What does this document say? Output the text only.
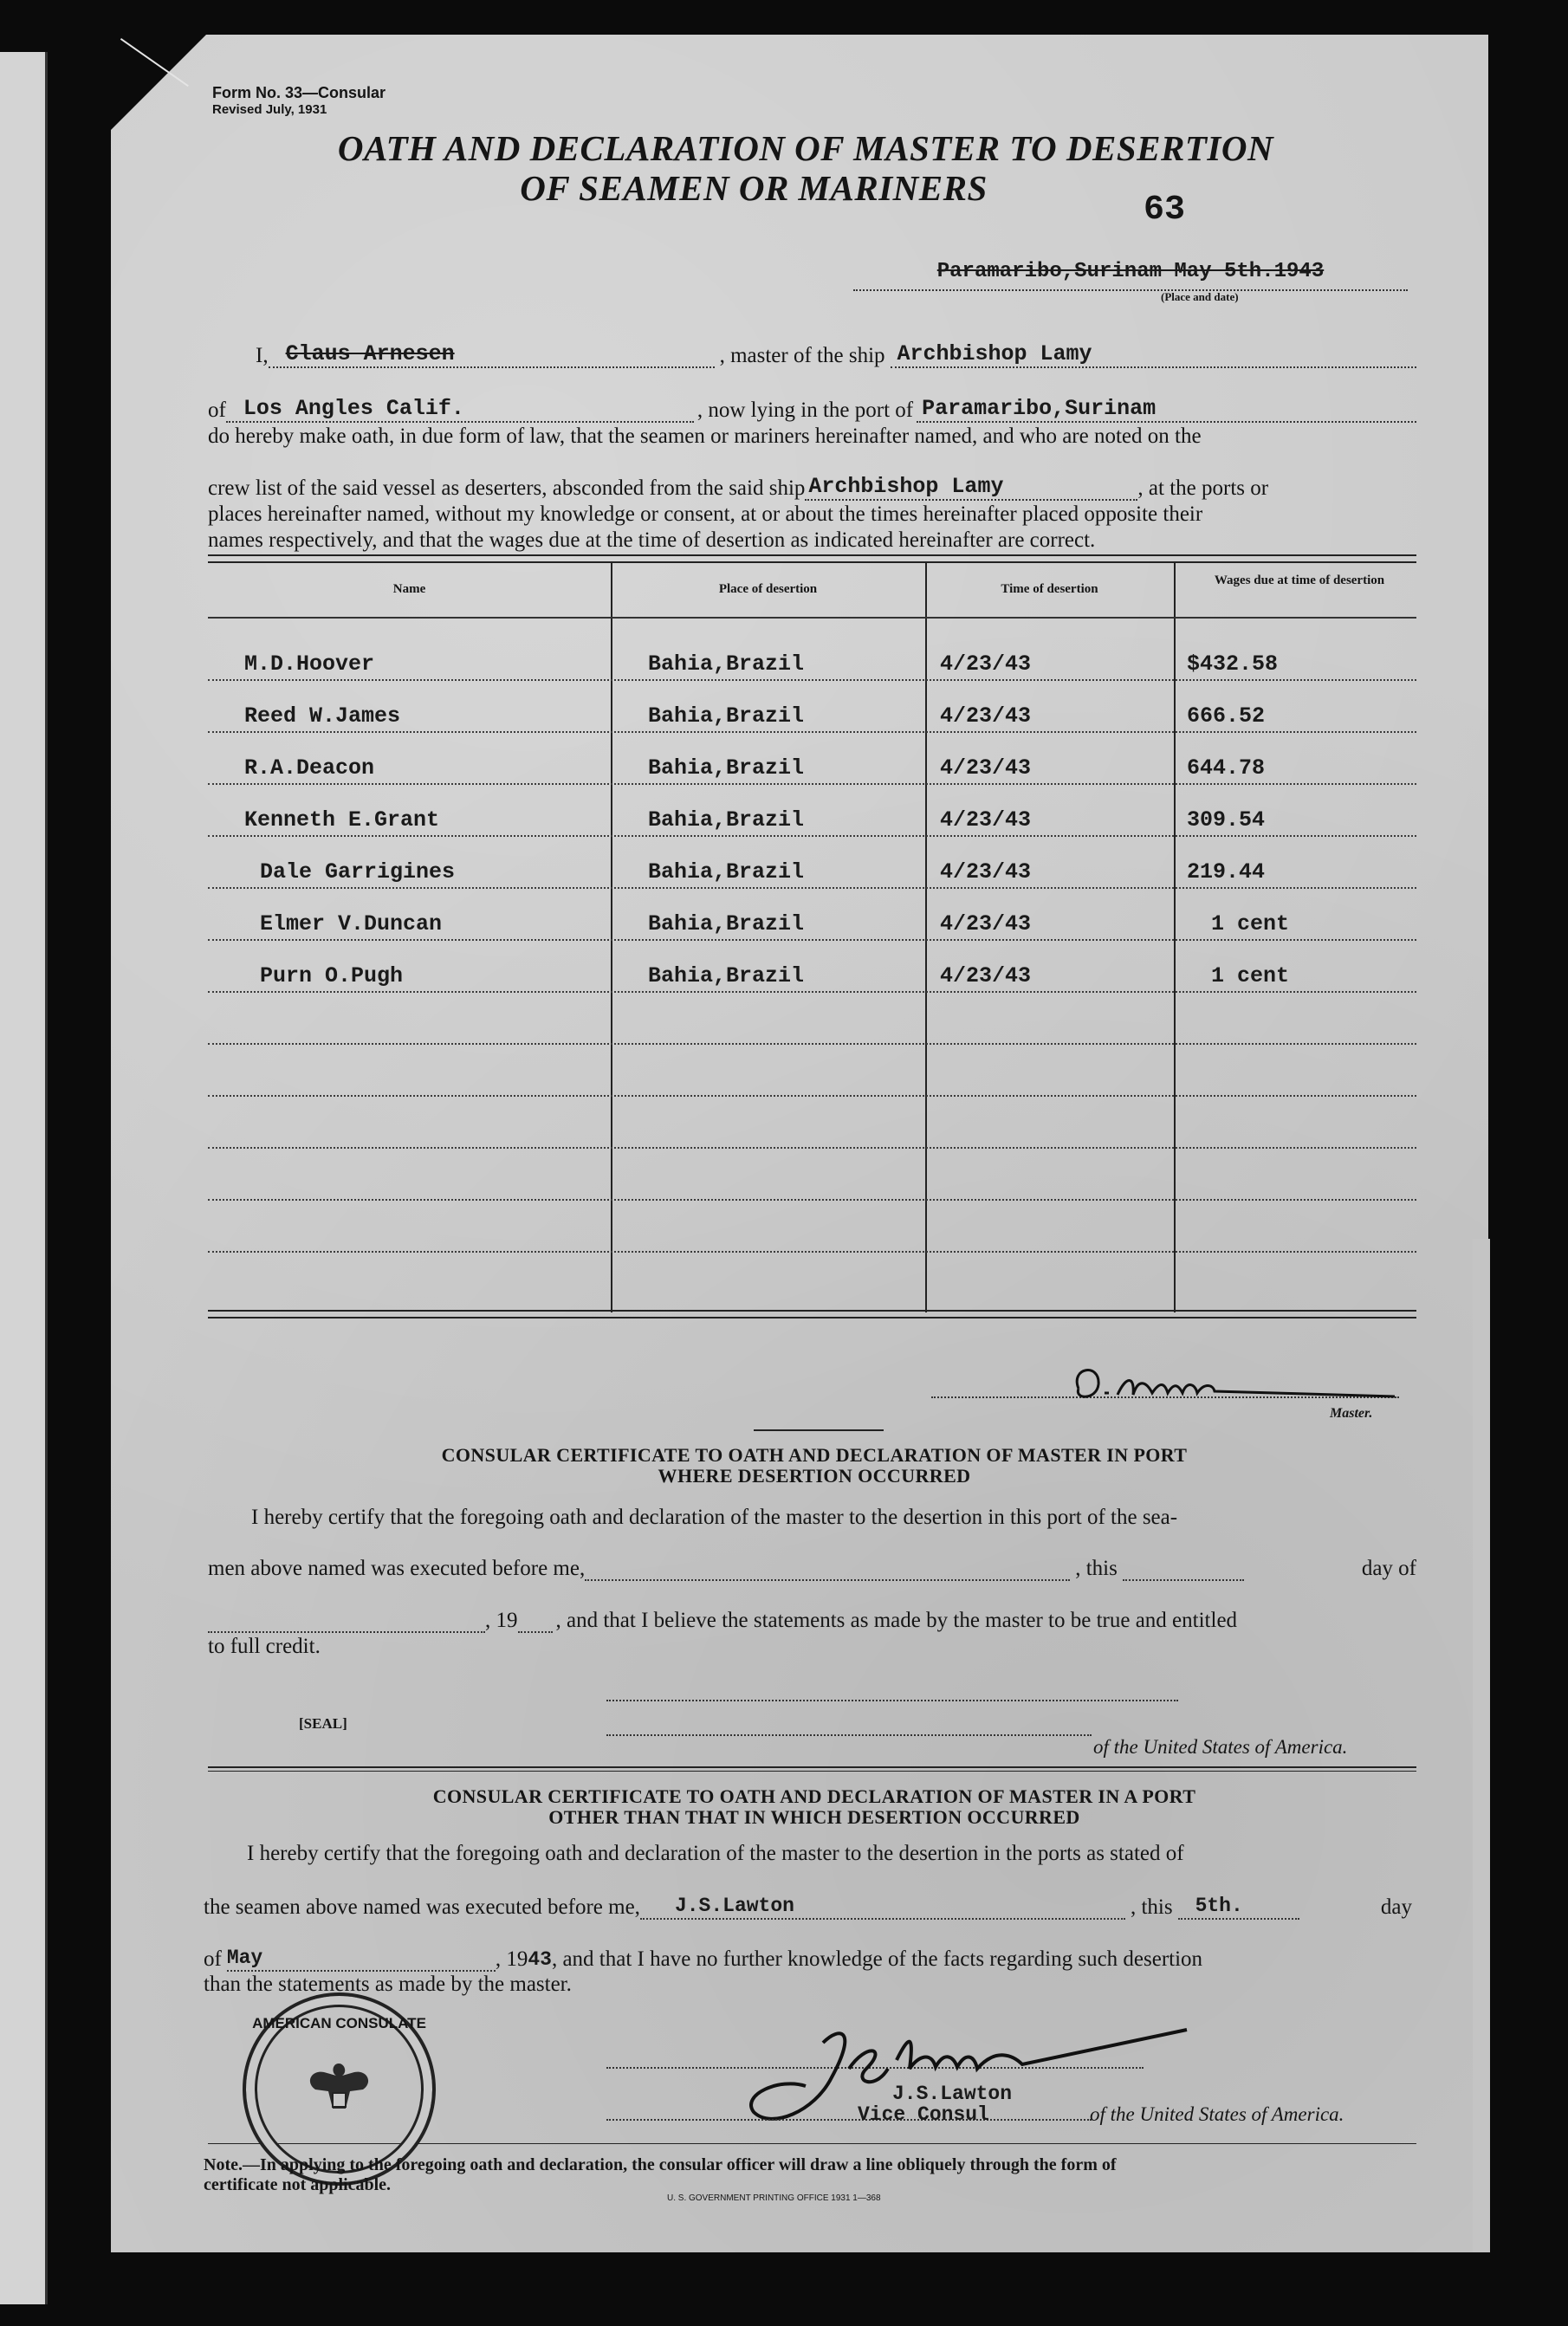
Form No. 33—Consular
Revised July, 1931
OATH AND DECLARATION OF MASTER TO DESERTION
OF SEAMEN OR MARINERS
63
Paramaribo,Surinam May 5th.1943
(Place and date)
I, Claus Arnesen	, master of the ship Archbishop Lamy
of Los Angles Calif.	, now lying in the port of Paramaribo,Surinam
do hereby make oath, in due form of law, that the seamen or mariners hereinafter named, and who are noted on the
crew list of the said vessel as deserters, absconded from the said ship Archbishop Lamy	, at the ports or
places hereinafter named, without my knowledge or consent, at or about the times hereinafter placed opposite their
names respectively, and that the wages due at the time of desertion as indicated hereinafter are correct.
Name	Place of desertion	Time of desertion
Wages due at time of desertion
M.D.Hoover	Bahia,Brazil	4/23/43	$432.58
Reed W.James	Bahia,Brazil	4/23/43	666.52
R.A.Deacon	Bahia,Brazil	4/23/43	644.78
Kenneth E.Grant	Bahia,Brazil	4/23/43	309.54
Dale Garrigines	Bahia,Brazil	4/23/43	219.44
Elmer V.Duncan	Bahia,Brazil	4/23/43	1 cent
Purn O.Pugh	Bahia,Brazil	4/23/43	1 cent
Master.
CONSULAR CERTIFICATE TO OATH AND DECLARATION OF MASTER IN PORT
WHERE DESERTION OCCURRED
I hereby certify that the foregoing oath and declaration of the master to the desertion in this port of the sea-
men above named was executed before me,	, this	day of
, 19 , and that I believe the statements as made by the master to be true and entitled
to full credit.
[SEAL]
of the United States of America.
CONSULAR CERTIFICATE TO OATH AND DECLARATION OF MASTER IN A PORT
OTHER THAN THAT IN WHICH DESERTION OCCURRED
I hereby certify that the foregoing oath and declaration of the master to the desertion in the ports as stated of
the seamen above named was executed before me,	J.S.Lawton	, this	5th.	day
of May	, 19 43 , and that I have no further knowledge of the facts regarding such desertion
than the statements as made by the master.
J.S.Lawton
Vice Consul	of the United States of America.
AMERICAN CONSULATE
Note.—In applying to the foregoing oath and declaration, the consular officer will draw a line obliquely through the form of
certificate not applicable.
U. S. GOVERNMENT PRINTING OFFICE 1931 1—368
